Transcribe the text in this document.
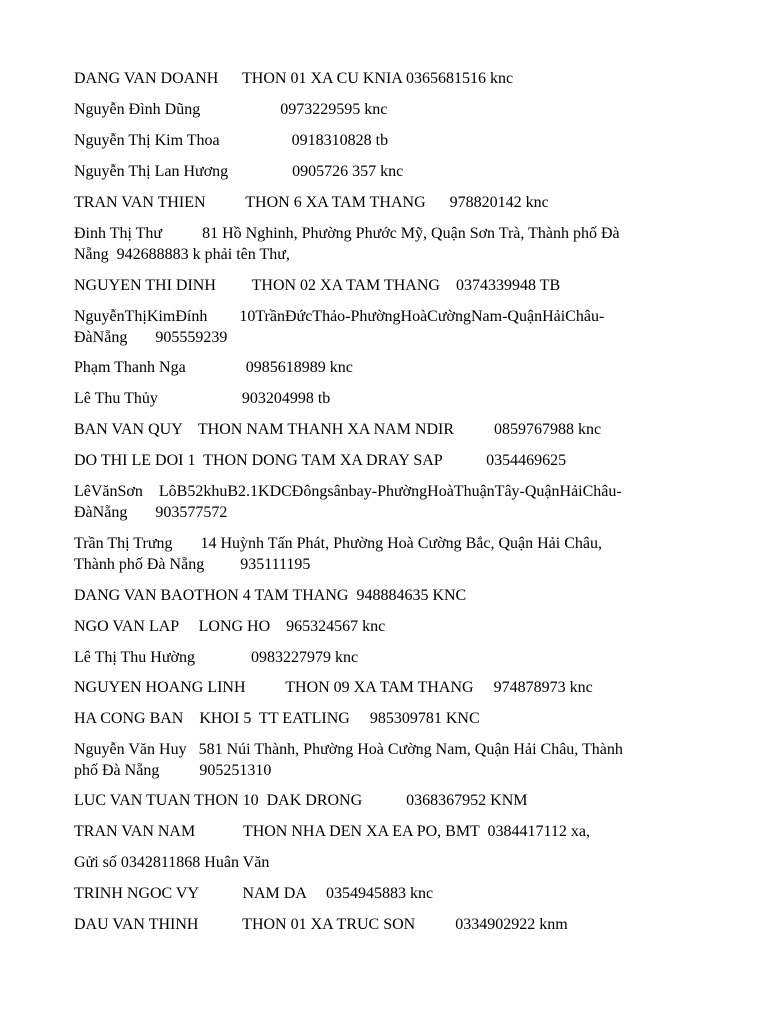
DANG VAN DOANH      THON 01 XA CU KNIA 0365681516 knc
Nguyễn Đình Dũng                    0973229595 knc
Nguyễn Thị Kim Thoa                  0918310828 tb
Nguyễn Thị Lan Hương                0905726 357 knc
TRAN VAN THIEN          THON 6 XA TAM THANG      978820142 knc
Đinh Thị Thư          81 Hồ Nghinh, Phường Phước Mỹ, Quận Sơn Trà, Thành phố Đà
Nẵng  942688883 k phải tên Thư,
NGUYEN THI DINH         THON 02 XA TAM THANG    0374339948 TB
NguyễnThịKimĐính        10TrầnĐứcThảo-PhườngHoàCườngNam-QuậnHảiChâu-
ĐàNẵng       905559239
Phạm Thanh Nga               0985618989 knc
Lê Thu Thủy                     903204998 tb
BAN VAN QUY    THON NAM THANH XA NAM NDIR          0859767988 knc
DO THI LE DOI 1  THON DONG TAM XA DRAY SAP           0354469625
LêVănSơn    LôB52khuB2.1KDCĐôngsânbay-PhườngHoàThuậnTây-QuậnHảiChâu-
ĐàNẵng       903577572
Trần Thị Trưng       14 Huỳnh Tấn Phát, Phường Hoà Cường Bắc, Quận Hải Châu,
Thành phố Đà Nẵng         935111195
DANG VAN BAOTHON 4 TAM THANG  948884635 KNC
NGO VAN LAP     LONG HO    965324567 knc
Lê Thị Thu Hường              0983227979 knc
NGUYEN HOANG LINH          THON 09 XA TAM THANG     974878973 knc
HA CONG BAN    KHOI 5  TT EATLING     985309781 KNC
Nguyễn Văn Huy   581 Núi Thành, Phường Hoà Cường Nam, Quận Hải Châu, Thành
phố Đà Nẵng          905251310
LUC VAN TUAN THON 10  DAK DRONG           0368367952 KNM
TRAN VAN NAM            THON NHA DEN XA EA PO, BMT  0384417112 xa,
Gửi số 0342811868 Huân Văn
TRINH NGOC VY           NAM DA     0354945883 knc
DAU VAN THINH           THON 01 XA TRUC SON          0334902922 knm
